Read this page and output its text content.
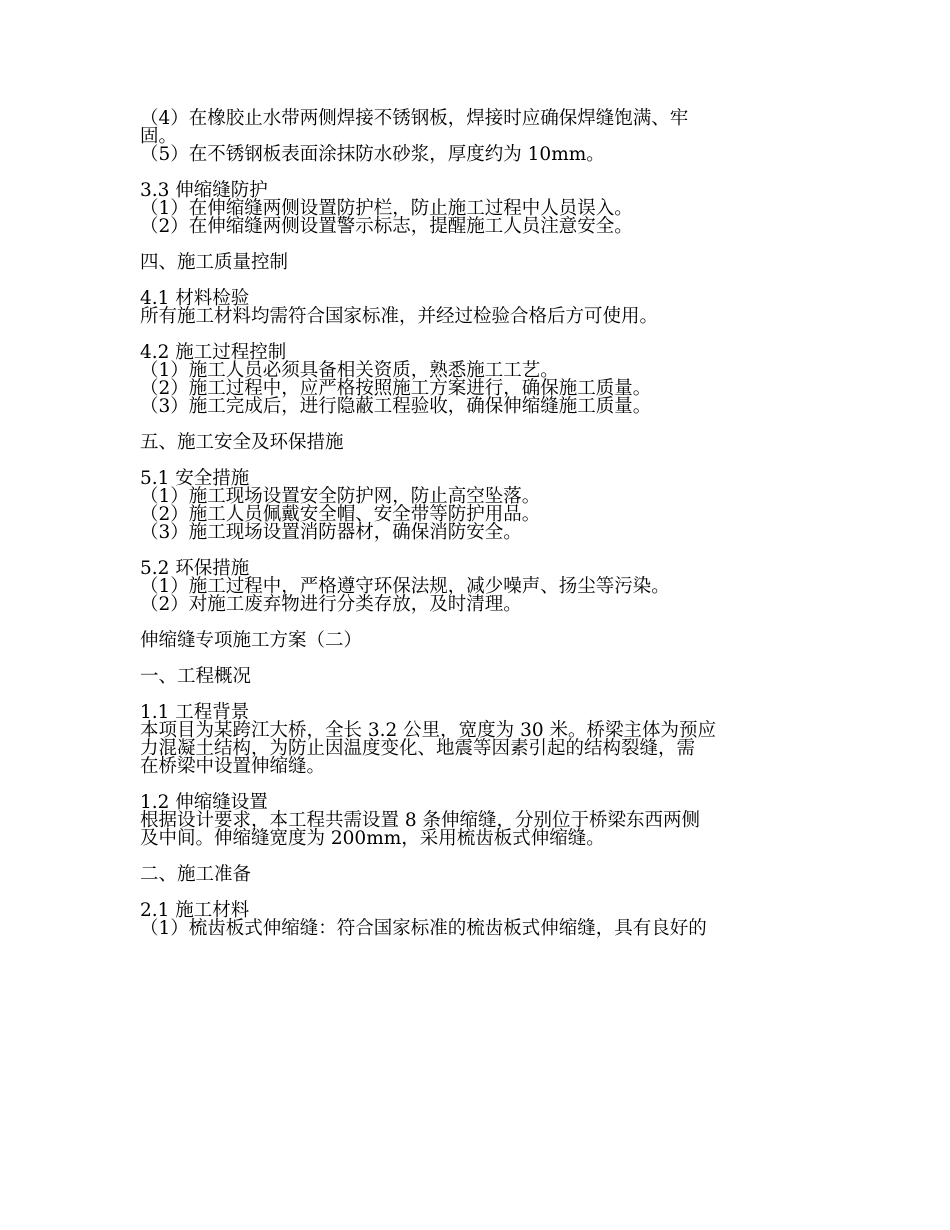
（4）在橡胶止水带两侧焊接不锈钢板，焊接时应确保焊缝饱满、牢
固。
（5）在不锈钢板表面涂抹防水砂浆，厚度约为 10mm。
3.3 伸缩缝防护
（1）在伸缩缝两侧设置防护栏，防止施工过程中人员误入。
（2）在伸缩缝两侧设置警示标志，提醒施工人员注意安全。
四、施工质量控制
4.1 材料检验
所有施工材料均需符合国家标准，并经过检验合格后方可使用。
4.2 施工过程控制
（1）施工人员必须具备相关资质，熟悉施工工艺。
（2）施工过程中，应严格按照施工方案进行，确保施工质量。
（3）施工完成后，进行隐蔽工程验收，确保伸缩缝施工质量。
五、施工安全及环保措施
5.1 安全措施
（1）施工现场设置安全防护网，防止高空坠落。
（2）施工人员佩戴安全帽、安全带等防护用品。
（3）施工现场设置消防器材，确保消防安全。
5.2 环保措施
（1）施工过程中，严格遵守环保法规，减少噪声、扬尘等污染。
（2）对施工废弃物进行分类存放，及时清理。
伸缩缝专项施工方案（二）
一、工程概况
1.1 工程背景
本项目为某跨江大桥，全长 3.2 公里，宽度为 30 米。桥梁主体为预应
力混凝土结构，为防止因温度变化、地震等因素引起的结构裂缝，需
在桥梁中设置伸缩缝。
1.2 伸缩缝设置
根据设计要求，本工程共需设置 8 条伸缩缝，分别位于桥梁东西两侧
及中间。伸缩缝宽度为 200mm，采用梳齿板式伸缩缝。
二、施工准备
2.1 施工材料
（1）梳齿板式伸缩缝：符合国家标准的梳齿板式伸缩缝，具有良好的
